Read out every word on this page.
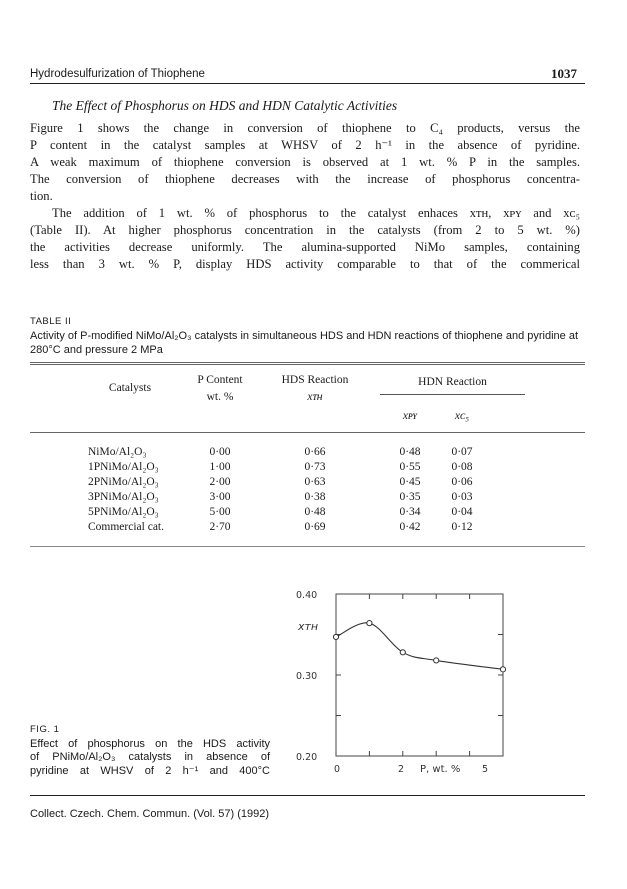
Hydrodesulfurization of Thiophene	1037
The Effect of Phosphorus on HDS and HDN Catalytic Activities
Figure 1 shows the change in conversion of thiophene to C₄ products, versus the
P content in the catalyst samples at WHSV of 2 h⁻¹ in the absence of pyridine.
A weak maximum of thiophene conversion is observed at 1 wt. % P in the samples.
The conversion of thiophene decreases with the increase of phosphorus concentra-
tion.
The addition of 1 wt. % of phosphorus to the catalyst enhaces xᴛʜ, xᴘʏ and xᴄ₅
(Table II). At higher phosphorus concentration in the catalysts (from 2 to 5 wt. %)
the activities decrease uniformly. The alumina-supported NiMo samples, containing
less than 3 wt. % P, display HDS activity comparable to that of the commerical
TABLE II
Activity of P-modified NiMo/Al₂O₃ catalysts in simultaneous HDS and HDN reactions of thiophene and pyridine at 280°C and pressure 2 MPa
Catalysts
P Content
wt. %
HDS Reaction
xᴛʜ
HDN Reaction
xᴘʏ	xᴄ₅
NiMo/Al₂O₃	0·00	0·66	0·48	0·07
1PNiMo/Al₂O₃	1·00	0·73	0·55	0·08
2PNiMo/Al₂O₃	2·00	0·63	0·45	0·06
3PNiMo/Al₂O₃	3·00	0·38	0·35	0·03
5PNiMo/Al₂O₃	5·00	0·48	0·34	0·04
Commercial cat.	2·70	0·69	0·42	0·12
0.40
0.30
0.20
xᴛʜ
0	2	5
P, wt. %
FIG. 1
Effect of phosphorus on the HDS activity
of PNiMo/Al₂O₃ catalysts in absence of
pyridine at WHSV of 2 h⁻¹ and 400°C
Collect. Czech. Chem. Commun. (Vol. 57) (1992)
